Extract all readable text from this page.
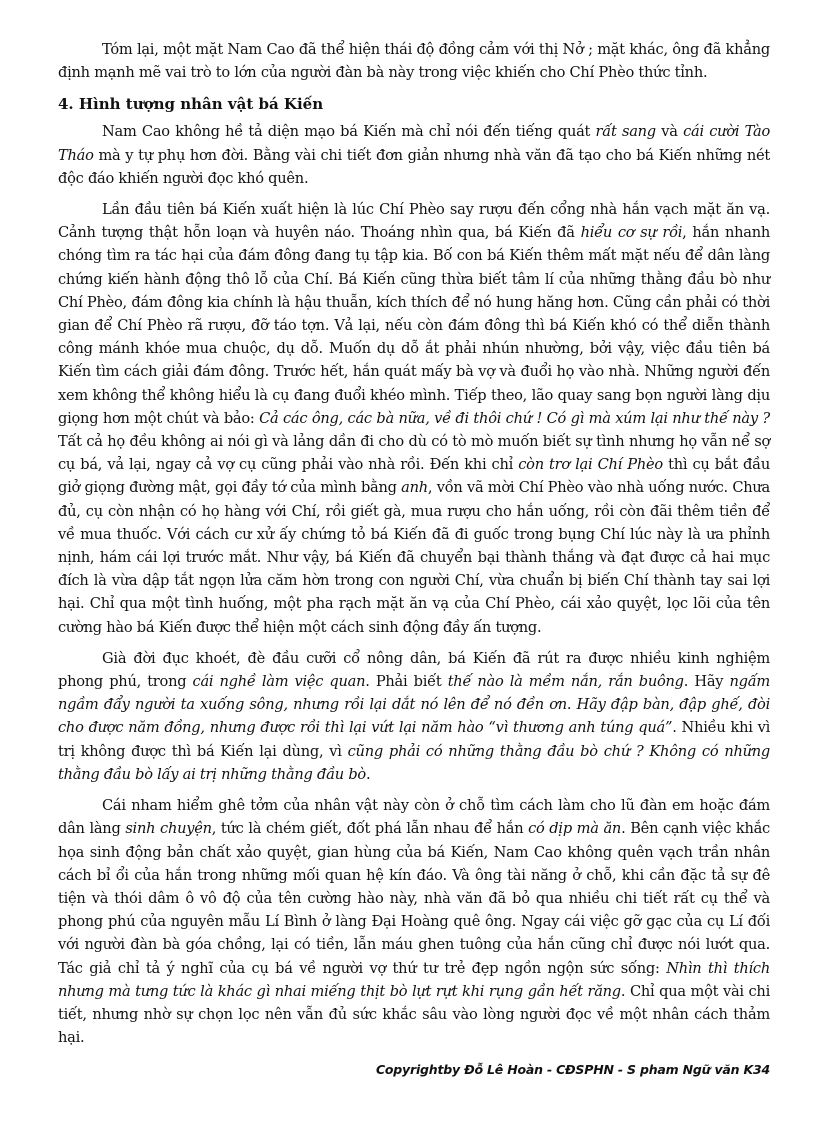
Tóm lại, một mặt Nam Cao đã thể hiện thái độ đồng cảm với thị Nở ; mặt khác, ông đã khẳng định mạnh mẽ vai trò to lớn của người đàn bà này trong việc khiến cho Chí Phèo thức tỉnh.

4. Hình tượng nhân vật bá Kiến

Nam Cao không hề tả diện mạo bá Kiến mà chỉ nói đến tiếng quát rất sang và cái cười Tào Tháo mà y tự phụ hơn đời. Bằng vài chi tiết đơn giản nhưng nhà văn đã tạo cho bá Kiến những nét độc đáo khiến người đọc khó quên.

Lần đầu tiên bá Kiến xuất hiện là lúc Chí Phèo say rượu đến cổng nhà hắn vạch mặt ăn vạ. Cảnh tượng thật hỗn loạn và huyên náo. Thoáng nhìn qua, bá Kiến đã hiểu cơ sự rồi, hắn nhanh chóng tìm ra tác hại của đám đông đang tụ tập kia. Bố con bá Kiến thêm mất mặt nếu để dân làng chứng kiến hành động thô lỗ của Chí. Bá Kiến cũng thừa biết tâm lí của những thằng đầu bò như Chí Phèo, đám đông kia chính là hậu thuẫn, kích thích để nó hung hăng hơn. Cũng cần phải có thời gian để Chí Phèo rã rượu, đỡ táo tợn. Vả lại, nếu còn đám đông thì bá Kiến khó có thể diễn thành công mánh khóe mua chuộc, dụ dỗ. Muốn dụ dỗ ắt phải nhún nhường, bởi vậy, việc đầu tiên bá Kiến tìm cách giải đám đông. Trước hết, hắn quát mấy bà vợ và đuổi họ vào nhà. Những người đến xem không thể không hiểu là cụ đang đuổi khéo mình. Tiếp theo, lão quay sang bọn người làng dịu giọng hơn một chút và bảo: Cả các ông, các bà nữa, về đi thôi chứ ! Có gì mà xúm lại như thế này ? Tất cả họ đều không ai nói gì và lảng dần đi cho dù có tò mò muốn biết sự tình nhưng họ vẫn nể sợ cụ bá, vả lại, ngay cả vợ cụ cũng phải vào nhà rồi. Đến khi chỉ còn trơ lại Chí Phèo thì cụ bắt đầu giở giọng đường mật, gọi đầy tớ của mình bằng anh, vồn vã mời Chí Phèo vào nhà uống nước. Chưa đủ, cụ còn nhận có họ hàng với Chí, rồi giết gà, mua rượu cho hắn uống, rồi còn đãi thêm tiền để về mua thuốc. Với cách cư xử ấy chứng tỏ bá Kiến đã đi guốc trong bụng Chí lúc này là ưa phỉnh nịnh, hám cái lợi trước mắt. Như vậy, bá Kiến đã chuyển bại thành thắng và đạt được cả hai mục đích là vừa dập tắt ngọn lửa căm hờn trong con người Chí, vừa chuẩn bị biến Chí thành tay sai lợi hại. Chỉ qua một tình huống, một pha rạch mặt ăn vạ của Chí Phèo, cái xảo quyệt, lọc lõi của tên cường hào bá Kiến được thể hiện một cách sinh động đầy ấn tượng.

Già đời đục khoét, đè đầu cưỡi cổ nông dân, bá Kiến đã rút ra được nhiều kinh nghiệm phong phú, trong cái nghề làm việc quan. Phải biết thế nào là mềm nắn, rắn buông. Hãy ngấm ngầm đẩy người ta xuống sông, nhưng rồi lại dắt nó lên để nó đền ơn. Hãy đập bàn, đập ghế, đòi cho được năm đồng, nhưng được rồi thì lại vứt lại năm hào “vì thương anh túng quá”. Nhiều khi vì trị không được thì bá Kiến lại dùng, vì cũng phải có những thằng đầu bò chứ ? Không có những thằng đầu bò lấy ai trị những thằng đầu bò.

Cái nham hiểm ghê tởm của nhân vật này còn ở chỗ tìm cách làm cho lũ đàn em hoặc đám dân làng sinh chuyện, tức là chém giết, đốt phá lẫn nhau để hắn có dịp mà ăn. Bên cạnh việc khắc họa sinh động bản chất xảo quyệt, gian hùng của bá Kiến, Nam Cao không quên vạch trần nhân cách bỉ ổi của hắn trong những mối quan hệ kín đáo. Và ông tài năng ở chỗ, khi cần đặc tả sự đê tiện và thói dâm ô vô độ của tên cường hào này, nhà văn đã bỏ qua nhiều chi tiết rất cụ thể và phong phú của nguyên mẫu Lí Bình ở làng Đại Hoàng quê ông. Ngay cái việc gỡ gạc của cụ Lí đối với người đàn bà góa chồng, lại có tiền, lẫn máu ghen tuông của hắn cũng chỉ được nói lướt qua. Tác giả chỉ tả ý nghĩ của cụ bá về người vợ thứ tư trẻ đẹp ngồn ngộn sức sống: Nhìn thì thích nhưng mà tưng tức là khác gì nhai miếng thịt bò lựt rựt khi rụng gần hết răng. Chỉ qua một vài chi tiết, nhưng nhờ sự chọn lọc nên vẫn đủ sức khắc sâu vào lòng người đọc về một nhân cách thảm hại.

Copyrightby Đỗ Lê Hoàn - CĐSPHN - S pham Ngữ văn K34
